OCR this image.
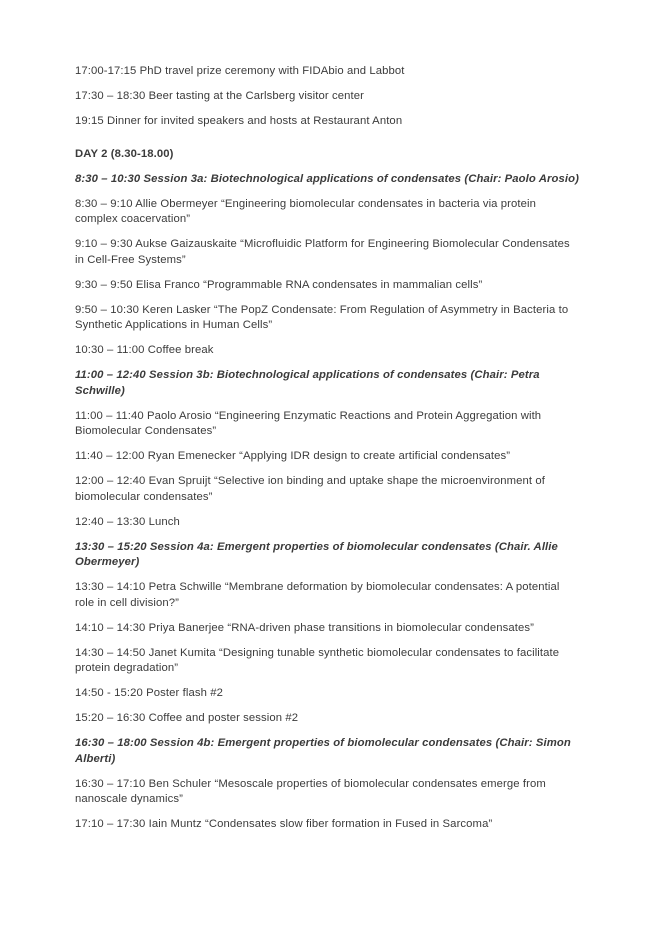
17:00-17:15 PhD travel prize ceremony with FIDAbio and Labbot

17:30 – 18:30 Beer tasting at the Carlsberg visitor center

19:15 Dinner for invited speakers and hosts at Restaurant Anton

DAY 2 (8.30-18.00)

8:30 – 10:30 Session 3a: Biotechnological applications of condensates (Chair: Paolo Arosio)

8:30 – 9:10 Allie Obermeyer “Engineering biomolecular condensates in bacteria via protein complex coacervation”

9:10 – 9:30 Aukse Gaizauskaite “Microfluidic Platform for Engineering Biomolecular Condensates in Cell-Free Systems”

9:30 – 9:50 Elisa Franco “Programmable RNA condensates in mammalian cells”

9:50 – 10:30 Keren Lasker “The PopZ Condensate: From Regulation of Asymmetry in Bacteria to Synthetic Applications in Human Cells”

10:30 – 11:00 Coffee break

11:00 – 12:40 Session 3b: Biotechnological applications of condensates (Chair: Petra Schwille)

11:00 – 11:40 Paolo Arosio “Engineering Enzymatic Reactions and Protein Aggregation with Biomolecular Condensates”

11:40 – 12:00 Ryan Emenecker “Applying IDR design to create artificial condensates”

12:00 – 12:40 Evan Spruijt “Selective ion binding and uptake shape the microenvironment of biomolecular condensates”

12:40 – 13:30 Lunch

13:30 – 15:20 Session 4a: Emergent properties of biomolecular condensates (Chair. Allie Obermeyer)

13:30 – 14:10 Petra Schwille “Membrane deformation by biomolecular condensates: A potential role in cell division?”

14:10 – 14:30 Priya Banerjee “RNA-driven phase transitions in biomolecular condensates”

14:30 – 14:50 Janet Kumita “Designing tunable synthetic biomolecular condensates to facilitate protein degradation”

14:50 - 15:20 Poster flash #2

15:20 – 16:30 Coffee and poster session #2

16:30 – 18:00 Session 4b: Emergent properties of biomolecular condensates (Chair: Simon Alberti)

16:30 – 17:10 Ben Schuler “Mesoscale properties of biomolecular condensates emerge from nanoscale dynamics”

17:10 – 17:30 Iain Muntz “Condensates slow fiber formation in Fused in Sarcoma”
